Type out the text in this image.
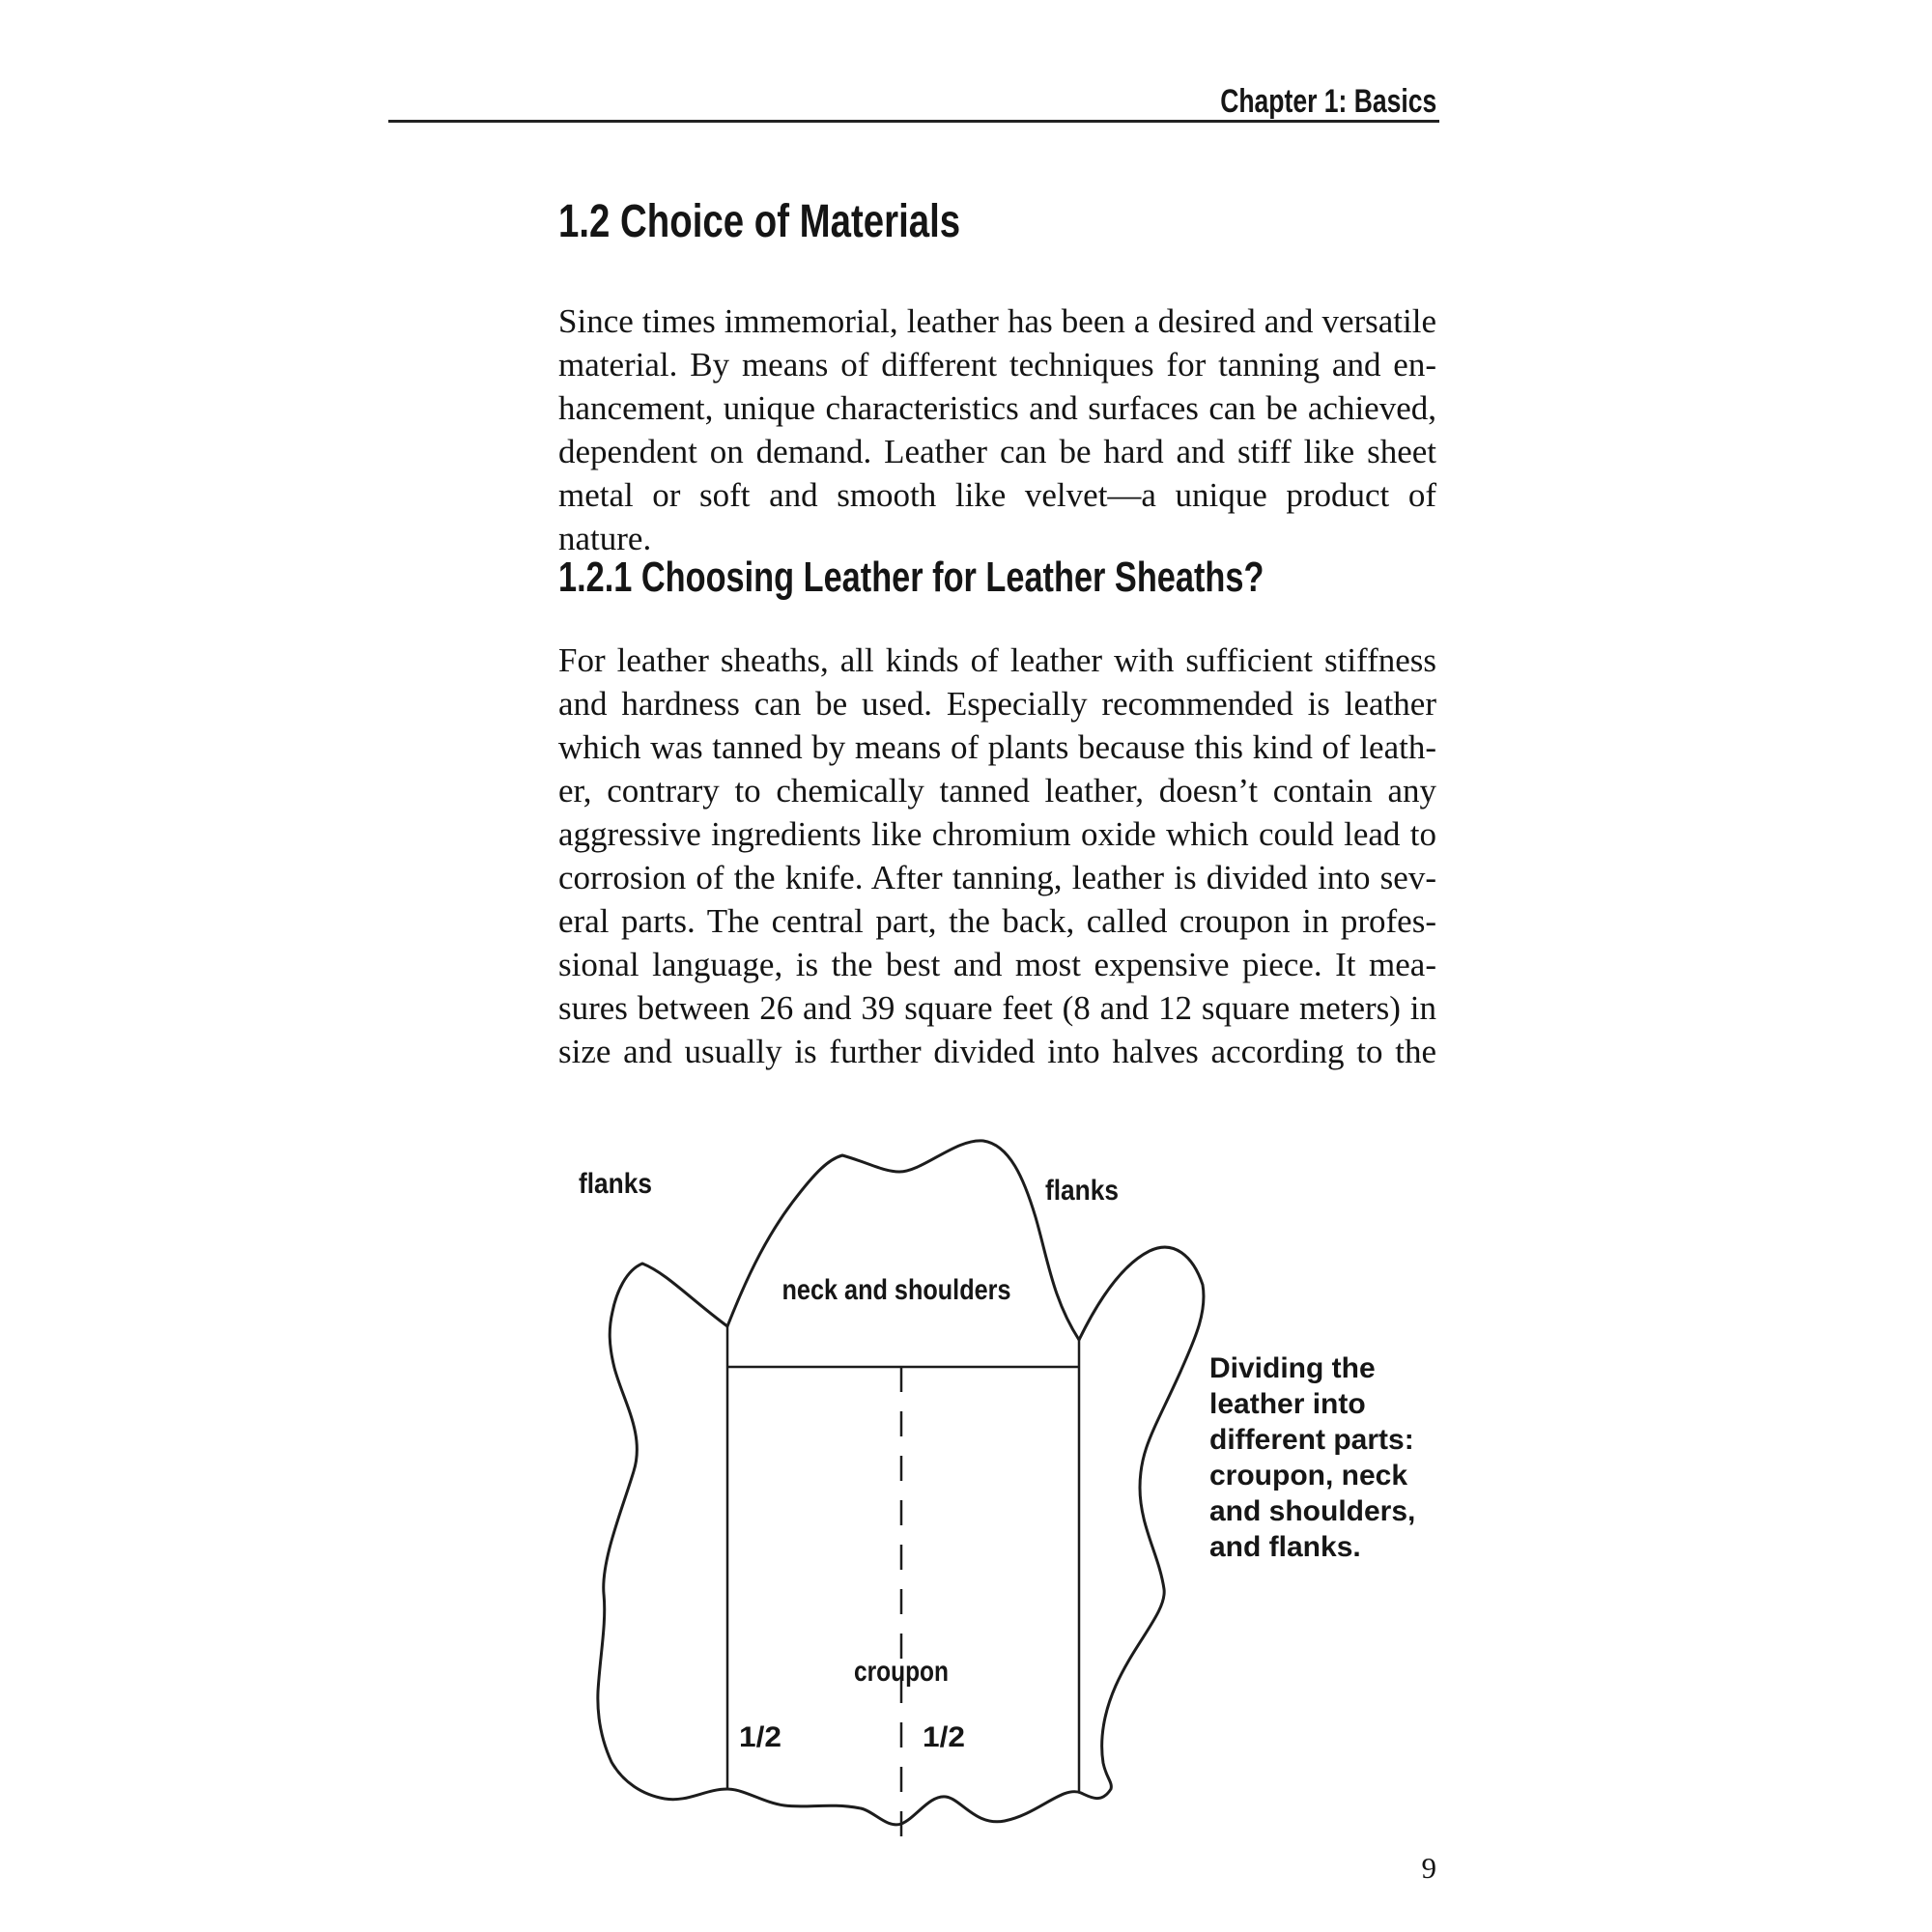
Chapter 1: Basics
1.2 Choice of Materials
Since times immemorial, leather has been a desired and versatile
material. By means of different techniques for tanning and en-
hancement, unique characteristics and surfaces can be achieved,
dependent on demand. Leather can be hard and stiff like sheet
metal or soft and smooth like velvet—a unique product of nature.
1.2.1 Choosing Leather for Leather Sheaths?
For leather sheaths, all kinds of leather with sufficient stiffness
and hardness can be used. Especially recommended is leather
which was tanned by means of plants because this kind of leath-
er, contrary to chemically tanned leather, doesn’t contain any
aggressive ingredients like chromium oxide which could lead to
corrosion of the knife. After tanning, leather is divided into sev-
eral parts. The central part, the back, called croupon in profes-
sional language, is the best and most expensive piece. It mea-
sures between 26 and 39 square feet (8 and 12 square meters) in
size and usually is further divided into halves according to the
flanks	flanks
neck and shoulders
croupon
1/2	1/2
Dividing the leather into different parts: croupon, neck and shoulders, and flanks.
9
